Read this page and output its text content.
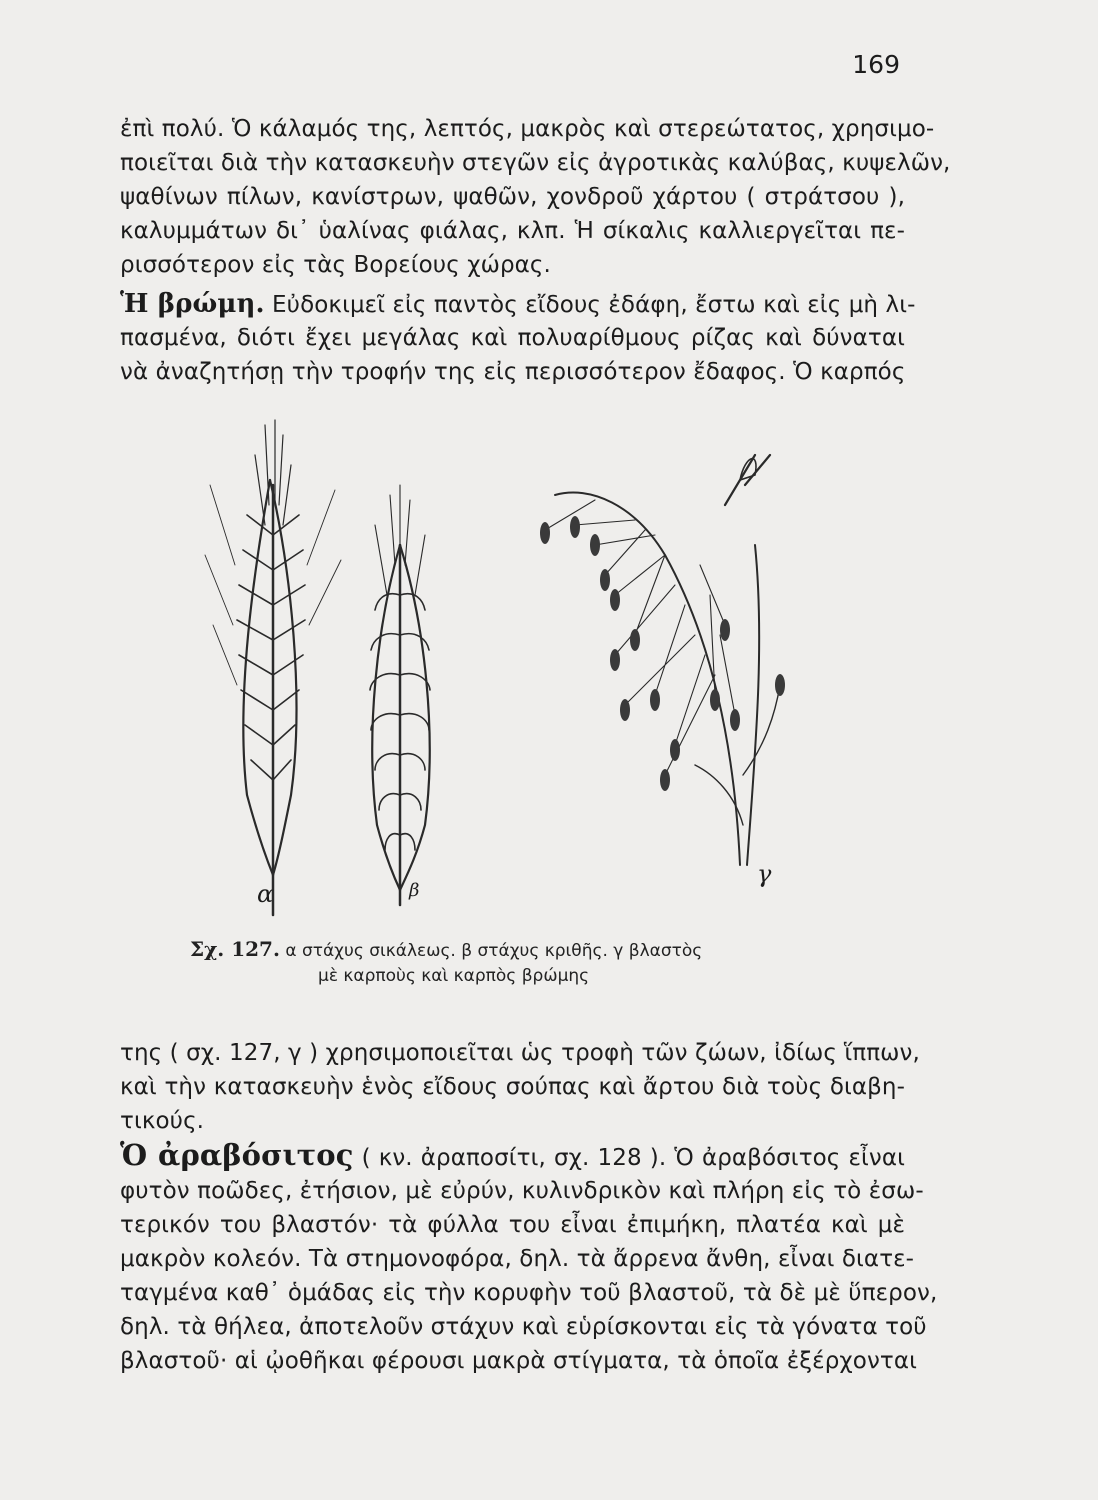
169
ἐπὶ πολύ. Ὁ κάλαμός της, λεπτός, μακρὸς καὶ στερεώτατος, χρησιμο-
ποιεῖται διὰ τὴν κατασκευὴν στεγῶν εἰς ἀγροτικὰς καλύβας, κυψελῶν,
ψαθίνων πίλων, κανίστρων, ψαθῶν, χονδροῦ χάρτου ( στράτσου ),
καλυμμάτων δι᾽ ὑαλίνας φιάλας, κλπ. Ἡ σίκαλις καλλιεργεῖται πε-
ρισσότερον εἰς τὰς Βορείους χώρας.
Ἡ βρώμη. Εὐδοκιμεῖ εἰς παντὸς εἴδους ἐδάφη, ἔστω καὶ εἰς μὴ λι-
πασμένα, διότι ἔχει μεγάλας καὶ πολυαρίθμους ρίζας καὶ δύναται
νὰ ἀναζητήσῃ τὴν τροφήν της εἰς περισσότερον ἔδαφος. Ὁ καρπός
α	β
γ
Σχ. 127. α στάχυς σικάλεως. β στάχυς κριθῆς. γ βλαστὸς
μὲ καρποὺς καὶ καρπὸς βρώμης
της ( σχ. 127, γ ) χρησιμοποιεῖται ὡς τροφὴ τῶν ζώων, ἰδίως ἵππων,
καὶ τὴν κατασκευὴν ἑνὸς εἴδους σούπας καὶ ἄρτου διὰ τοὺς διαβη-
τικούς.
Ὁ ἀραβόσιτος ( κν. ἀραποσίτι, σχ. 128 ). Ὁ ἀραβόσιτος εἶναι
φυτὸν ποῶδες, ἐτήσιον, μὲ εὐρύν, κυλινδρικὸν καὶ πλήρη εἰς τὸ ἐσω-
τερικόν του βλαστόν· τὰ φύλλα του εἶναι ἐπιμήκη, πλατέα καὶ μὲ
μακρὸν κολεόν. Τὰ στημονοφόρα, δηλ. τὰ ἄρρενα ἄνθη, εἶναι διατε-
ταγμένα καθ᾽ ὁμάδας εἰς τὴν κορυφὴν τοῦ βλαστοῦ, τὰ δὲ μὲ ὕπερον,
δηλ. τὰ θήλεα, ἀποτελοῦν στάχυν καὶ εὑρίσκονται εἰς τὰ γόνατα τοῦ
βλαστοῦ· αἱ ᾠοθῆκαι φέρουσι μακρὰ στίγματα, τὰ ὁποῖα ἐξέρχονται
